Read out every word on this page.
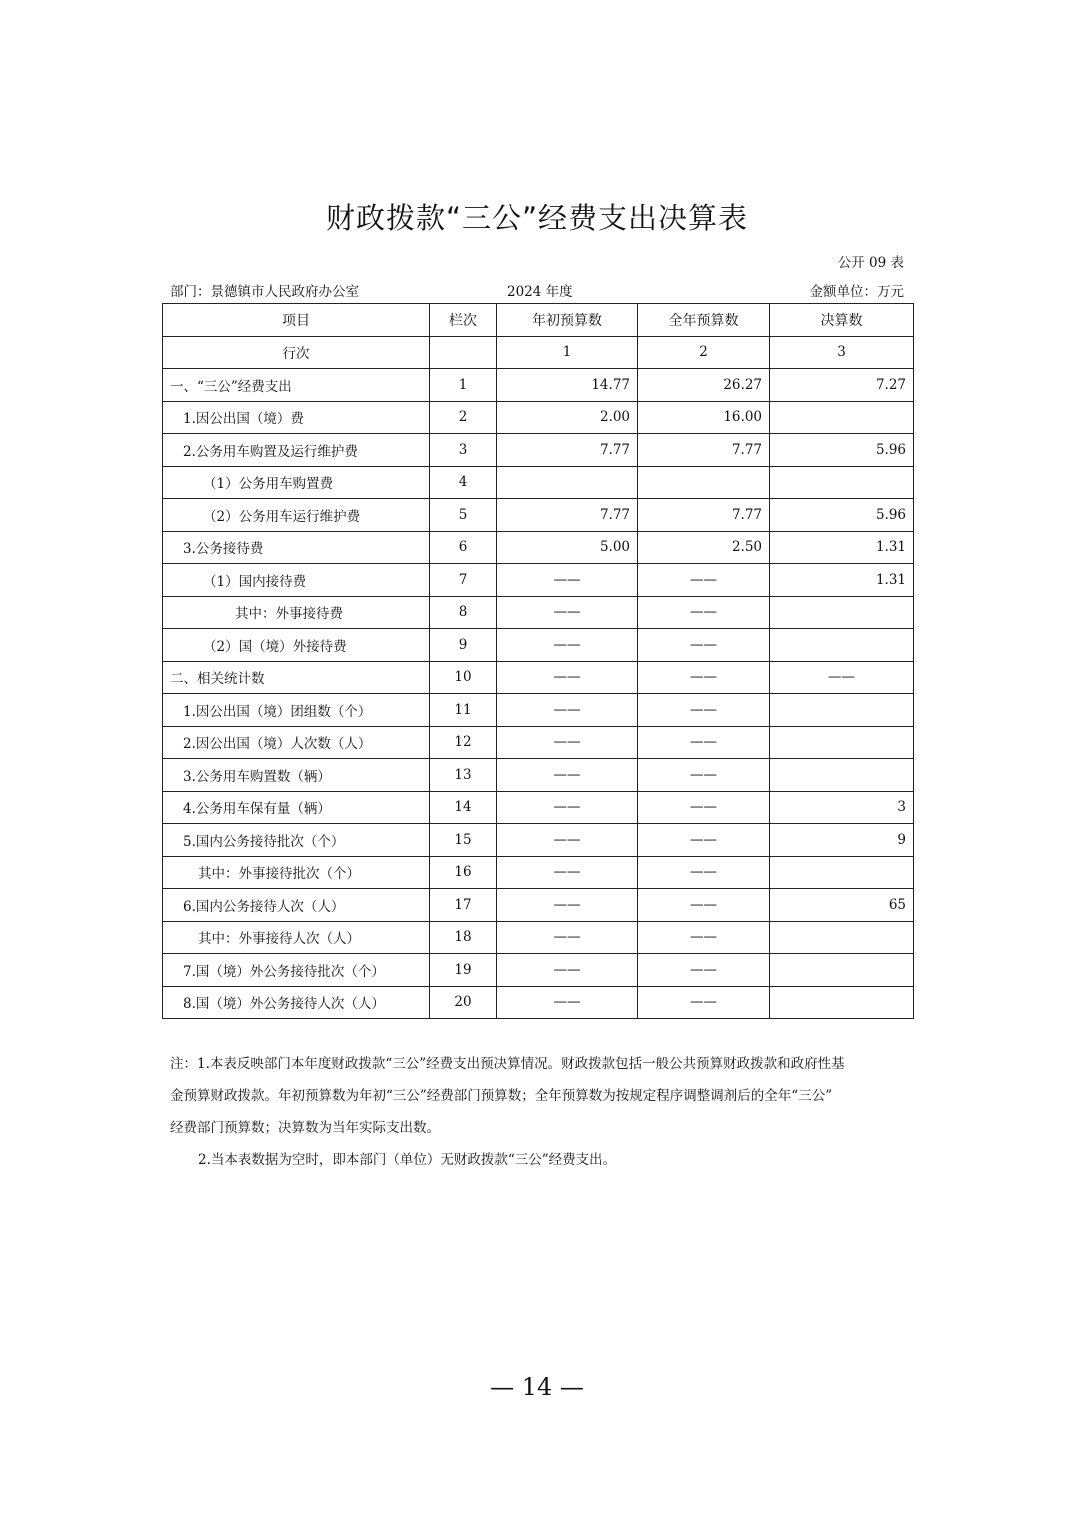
财政拨款“三公”经费支出决算表
公开 09 表
部门：景德镇市人民政府办公室	2024 年度	金额单位：万元
项目	栏次	年初预算数	全年预算数	决算数
行次		1	2	3
一、“三公”经费支出	1	14.77	26.27	7.27
1.因公出国（境）费	2	2.00	16.00	
2.公务用车购置及运行维护费	3	7.77	7.77	5.96
（1）公务用车购置费	4			
（2）公务用车运行维护费	5	7.77	7.77	5.96
3.公务接待费	6	5.00	2.50	1.31
（1）国内接待费	7	——	——	1.31
其中：外事接待费	8	——	——	
（2）国（境）外接待费	9	——	——	
二、相关统计数	10	——	——	——
1.因公出国（境）团组数（个）	11	——	——	
2.因公出国（境）人次数（人）	12	——	——	
3.公务用车购置数（辆）	13	——	——	
4.公务用车保有量（辆）	14	——	——	3
5.国内公务接待批次（个）	15	——	——	9
其中：外事接待批次（个）	16	——	——	
6.国内公务接待人次（人）	17	——	——	65
其中：外事接待人次（人）	18	——	——	
7.国（境）外公务接待批次（个）	19	——	——	
8.国（境）外公务接待人次（人）	20	——	——	

注：1.本表反映部门本年度财政拨款“三公”经费支出预决算情况。财政拨款包括一般公共预算财政拨款和政府性基

金预算财政拨款。年初预算数为年初“三公”经费部门预算数；全年预算数为按规定程序调整调剂后的全年“三公”

经费部门预算数；决算数为当年实际支出数。

2.当本表数据为空时，即本部门（单位）无财政拨款“三公”经费支出。

— 14 —
